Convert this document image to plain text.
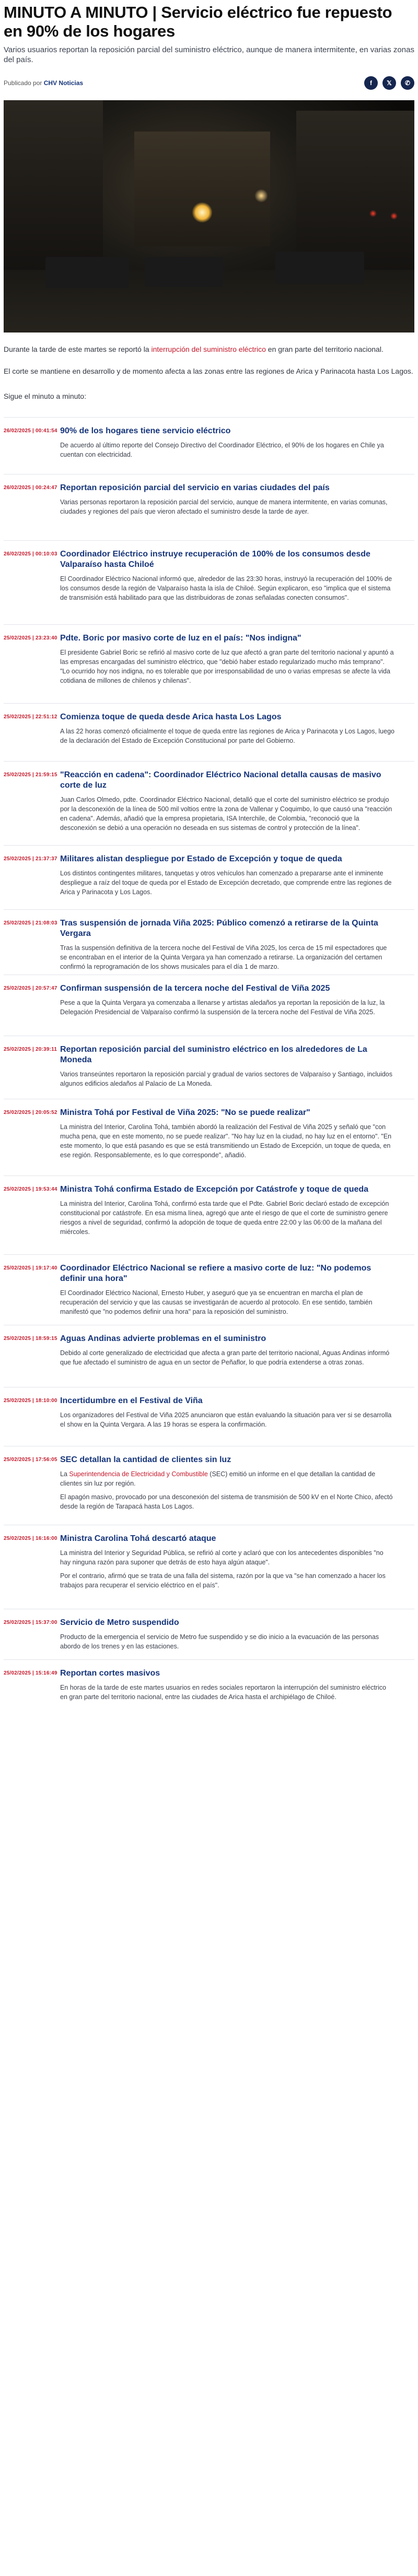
MINUTO A MINUTO | Servicio eléctrico fue repuesto en 90% de los hogares
Varios usuarios reportan la reposición parcial del suministro eléctrico, aunque de manera intermitente, en varias zonas del país.
Publicado por CHV Noticias	f	𝕏	✆

Durante la tarde de este martes se reportó la interrupción del suministro eléctrico en gran parte del territorio nacional.

El corte se mantiene en desarrollo y de momento afecta a las zonas entre las regiones de Arica y Parinacota hasta Los Lagos.

Sigue el minuto a minuto:

26/02/2025 | 00:41:54 90% de los hogares tiene servicio eléctrico

De acuerdo al último reporte del Consejo Directivo del Coordinador Eléctrico, el 90% de los hogares en Chile ya cuentan con electricidad.

26/02/2025 | 00:24:47 Reportan reposición parcial del servicio en varias ciudades del país

Varias personas reportaron la reposición parcial del servicio, aunque de manera intermitente, en varias comunas, ciudades y regiones del país que vieron afectado el suministro desde la tarde de ayer.

26/02/2025 | 00:10:03 Coordinador Eléctrico instruye recuperación de 100% de los consumos desde Valparaíso hasta Chiloé

El Coordinador Eléctrico Nacional informó que, alrededor de las 23:30 horas, instruyó la recuperación del 100% de los consumos desde la región de Valparaíso hasta la isla de Chiloé. Según explicaron, eso "implica que el sistema de transmisión está habilitado para que las distribuidoras de zonas señaladas conecten consumos".

25/02/2025 | 23:23:40 Pdte. Boric por masivo corte de luz en el país: "Nos indigna"

El presidente Gabriel Boric se refirió al masivo corte de luz que afectó a gran parte del territorio nacional y apuntó a las empresas encargadas del suministro eléctrico, que "debió haber estado regularizado mucho más temprano". "Lo ocurrido hoy nos indigna, no es tolerable que por irresponsabilidad de uno o varias empresas se afecte la vida cotidiana de millones de chilenos y chilenas".

25/02/2025 | 22:51:12 Comienza toque de queda desde Arica hasta Los Lagos

A las 22 horas comenzó oficialmente el toque de queda entre las regiones de Arica y Parinacota y Los Lagos, luego de la declaración del Estado de Excepción Constitucional por parte del Gobierno.

25/02/2025 | 21:59:15 "Reacción en cadena": Coordinador Eléctrico Nacional detalla causas de masivo corte de luz

Juan Carlos Olmedo, pdte. Coordinador Eléctrico Nacional, detalló que el corte del suministro eléctrico se produjo por la desconexión de la línea de 500 mil voltios entre la zona de Vallenar y Coquimbo, lo que causó una "reacción en cadena". Además, añadió que la empresa propietaria, ISA Interchile, de Colombia, "reconoció que la desconexión se debió a una operación no deseada en sus sistemas de control y protección de la línea".

25/02/2025 | 21:37:37 Militares alistan despliegue por Estado de Excepción y toque de queda

Los distintos contingentes militares, tanquetas y otros vehículos han comenzado a prepararse ante el inminente despliegue a raíz del toque de queda por el Estado de Excepción decretado, que comprende entre las regiones de Arica y Parinacota y Los Lagos.

25/02/2025 | 21:08:03 Tras suspensión de jornada Viña 2025: Público comenzó a retirarse de la Quinta Vergara

Tras la suspensión definitiva de la tercera noche del Festival de Viña 2025, los cerca de 15 mil espectadores que se encontraban en el interior de la Quinta Vergara ya han comenzado a retirarse. La organización del certamen confirmó la reprogramación de los shows musicales para el día 1 de marzo.

25/02/2025 | 20:57:47 Confirman suspensión de la tercera noche del Festival de Viña 2025

Pese a que la Quinta Vergara ya comenzaba a llenarse y artistas aledaños ya reportan la reposición de la luz, la Delegación Presidencial de Valparaíso confirmó la suspensión de la tercera noche del Festival de Viña 2025.

25/02/2025 | 20:39:11 Reportan reposición parcial del suministro eléctrico en los alrededores de La Moneda

Varios transeúntes reportaron la reposición parcial y gradual de varios sectores de Valparaíso y Santiago, incluidos algunos edificios aledaños al Palacio de La Moneda.

25/02/2025 | 20:05:52 Ministra Tohá por Festival de Viña 2025: "No se puede realizar"

La ministra del Interior, Carolina Tohá, también abordó la realización del Festival de Viña 2025 y señaló que "con mucha pena, que en este momento, no se puede realizar". "No hay luz en la ciudad, no hay luz en el entorno". "En este momento, lo que está pasando es que se está transmitiendo un Estado de Excepción, un toque de queda, en ese región. Responsablemente, es lo que corresponde", añadió.

25/02/2025 | 19:53:44 Ministra Tohá confirma Estado de Excepción por Catástrofe y toque de queda

La ministra del Interior, Carolina Tohá, confirmó esta tarde que el Pdte. Gabriel Boric declaró estado de excepción constitucional por catástrofe. En esa misma línea, agregó que ante el riesgo de que el corte de suministro genere riesgos a nivel de seguridad, confirmó la adopción de toque de queda entre 22:00 y las 06:00 de la mañana del miércoles.

25/02/2025 | 19:17:40 Coordinador Eléctrico Nacional se refiere a masivo corte de luz: "No podemos definir una hora"

El Coordinador Eléctrico Nacional, Ernesto Huber, y aseguró que ya se encuentran en marcha el plan de recuperación del servicio y que las causas se investigarán de acuerdo al protocolo. En ese sentido, también manifestó que "no podemos definir una hora" para la reposición del suministro.

25/02/2025 | 18:59:15 Aguas Andinas advierte problemas en el suministro

Debido al corte generalizado de electricidad que afecta a gran parte del territorio nacional, Aguas Andinas informó que fue afectado el suministro de agua en un sector de Peñaflor, lo que podría extenderse a otras zonas.

25/02/2025 | 18:10:00 Incertidumbre en el Festival de Viña

Los organizadores del Festival de Viña 2025 anunciaron que están evaluando la situación para ver si se desarrolla el show en la Quinta Vergara. A las 19 horas se espera la confirmación.

25/02/2025 | 17:56:05 SEC detallan la cantidad de clientes sin luz

La Superintendencia de Electricidad y Combustible (SEC) emitió un informe en el que detallan la cantidad de clientes sin luz por región.

El apagón masivo, provocado por una desconexión del sistema de transmisión de 500 kV en el Norte Chico, afectó desde la región de Tarapacá hasta Los Lagos.

25/02/2025 | 16:16:00 Ministra Carolina Tohá descartó ataque

La ministra del Interior y Seguridad Pública, se refirió al corte y aclaró que con los antecedentes disponibles "no hay ninguna razón para suponer que detrás de esto haya algún ataque".

Por el contrario, afirmó que se trata de una falla del sistema, razón por la que va "se han comenzado a hacer los trabajos para recuperar el servicio eléctrico en el país".

25/02/2025 | 15:37:00 Servicio de Metro suspendido

Producto de la emergencia el servicio de Metro fue suspendido y se dio inicio a la evacuación de las personas abordo de los trenes y en las estaciones.

25/02/2025 | 15:16:49 Reportan cortes masivos

En horas de la tarde de este martes usuarios en redes sociales reportaron la interrupción del suministro eléctrico en gran parte del territorio nacional, entre las ciudades de Arica hasta el archipiélago de Chiloé.
